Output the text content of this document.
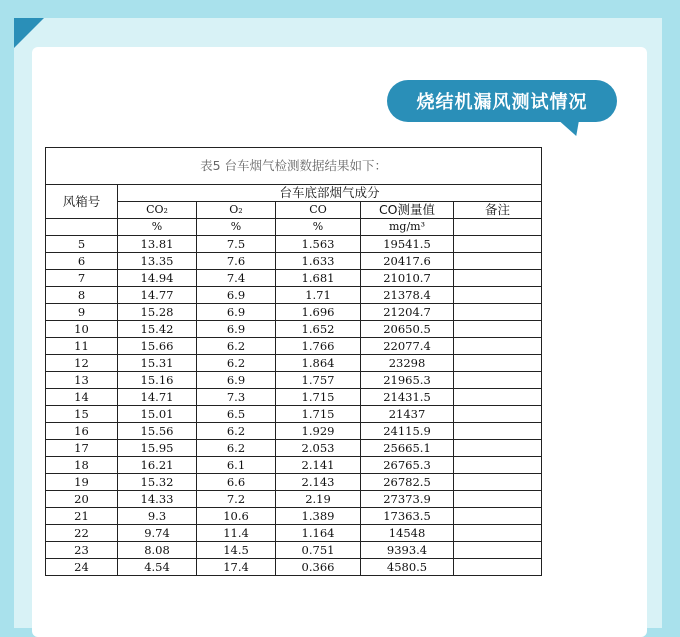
烧结机漏风测试情况
表5 台车烟气检测数据结果如下：					
风箱号	台车底部烟气成分				
	CO₂	O₂	CO	CO测量值	备注
	%	%	%	mg/m³	
5	13.81	7.5	1.563	19541.5	
6	13.35	7.6	1.633	20417.6	
7	14.94	7.4	1.681	21010.7	
8	14.77	6.9	1.71	21378.4	
9	15.28	6.9	1.696	21204.7	
10	15.42	6.9	1.652	20650.5	
11	15.66	6.2	1.766	22077.4	
12	15.31	6.2	1.864	23298	
13	15.16	6.9	1.757	21965.3	
14	14.71	7.3	1.715	21431.5	
15	15.01	6.5	1.715	21437	
16	15.56	6.2	1.929	24115.9	
17	15.95	6.2	2.053	25665.1	
18	16.21	6.1	2.141	26765.3	
19	15.32	6.6	2.143	26782.5	
20	14.33	7.2	2.19	27373.9	
21	9.3	10.6	1.389	17363.5	
22	9.74	11.4	1.164	14548	
23	8.08	14.5	0.751	9393.4	
24	4.54	17.4	0.366	4580.5	
